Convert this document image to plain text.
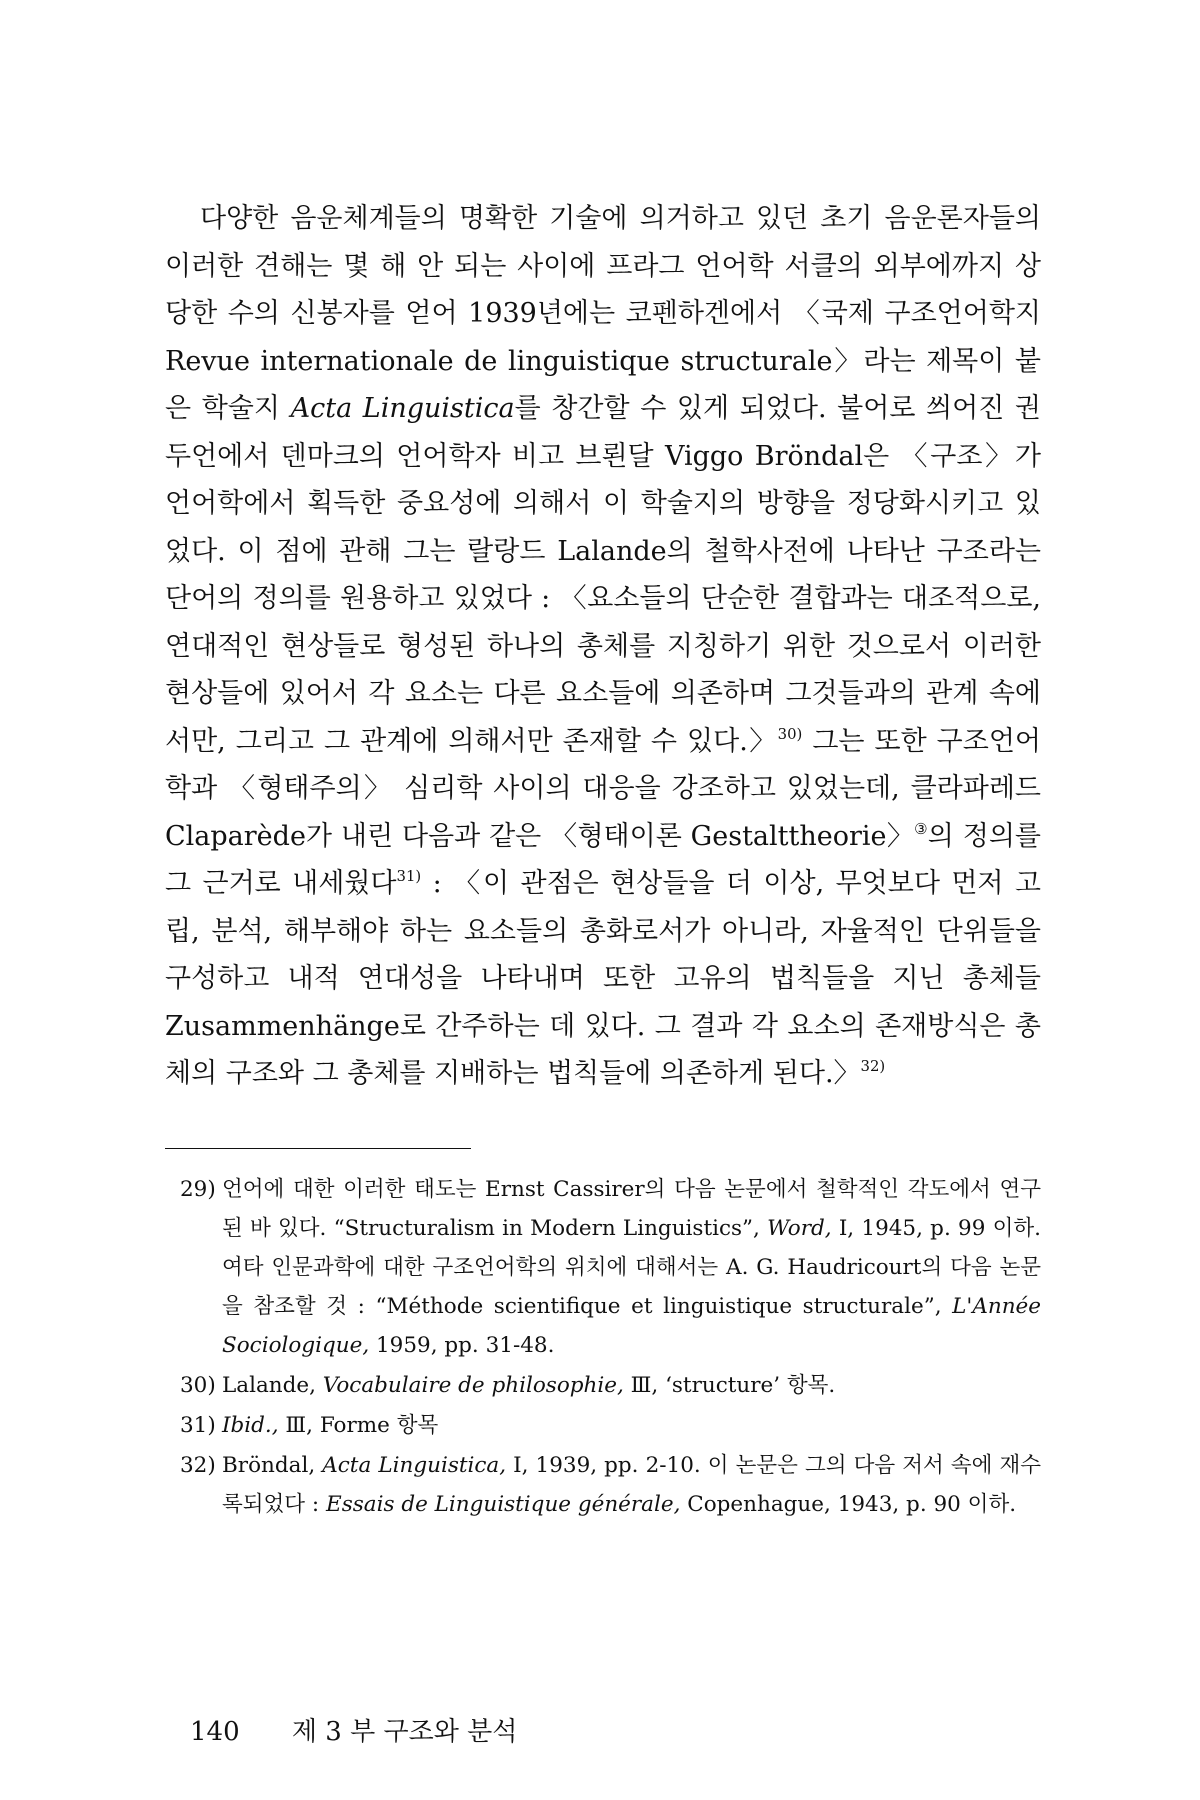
다양한 음운체계들의 명확한 기술에 의거하고 있던 초기 음운론자들의 이러한 견해는 몇 해 안 되는 사이에 프라그 언어학 서클의 외부에까지 상당한 수의 신봉자를 얻어 1939년에는 코펜하겐에서 〈국제 구조언어학지 Revue internationale de linguistique structurale〉라는 제목이 붙은 학술지 Acta Linguistica를 창간할 수 있게 되었다. 불어로 씌어진 권두언에서 덴마크의 언어학자 비고 브뢴달 Viggo Bröndal은 〈구조〉가 언어학에서 획득한 중요성에 의해서 이 학술지의 방향을 정당화시키고 있었다. 이 점에 관해 그는 랄랑드 Lalande의 철학사전에 나타난 구조라는 단어의 정의를 원용하고 있었다 : 〈요소들의 단순한 결합과는 대조적으로, 연대적인 현상들로 형성된 하나의 총체를 지칭하기 위한 것으로서 이러한 현상들에 있어서 각 요소는 다른 요소들에 의존하며 그것들과의 관계 속에서만, 그리고 그 관계에 의해서만 존재할 수 있다.〉$^{30)}$ 그는 또한 구조언어학과 〈형태주의〉 심리학 사이의 대응을 강조하고 있었는데, 클라파레드 Claparède가 내린 다음과 같은 〈형태이론 Gestalttheorie〉③의 정의를 그 근거로 내세웠다$^{31)}$ : 〈이 관점은 현상들을 더 이상, 무엇보다 먼저 고립, 분석, 해부해야 하는 요소들의 총화로서가 아니라, 자율적인 단위들을 구성하고 내적 연대성을 나타내며 또한 고유의 법칙들을 지닌 총체들 Zusammenhänge로 간주하는 데 있다. 그 결과 각 요소의 존재방식은 총체의 구조와 그 총체를 지배하는 법칙들에 의존하게 된다.〉$^{32)}$
29) 언어에 대한 이러한 태도는 Ernst Cassirer의 다음 논문에서 철학적인 각도에서 연구된 바 있다. “Structuralism in Modern Linguistics”, Word, I, 1945, p. 99 이하. 여타 인문과학에 대한 구조언어학의 위치에 대해서는 A. G. Haudricourt의 다음 논문을 참조할 것 : “Méthode scientifique et linguistique structurale”, L'Année Sociologique, 1959, pp. 31-48.
30) Lalande, Vocabulaire de philosophie, Ⅲ, ‘structure’ 항목.
31) Ibid., Ⅲ, Forme 항목
32) Bröndal, Acta Linguistica, I, 1939, pp. 2-10. 이 논문은 그의 다음 저서 속에 재수록되었다 : Essais de Linguistique générale, Copenhague, 1943, p. 90 이하.
140 제 3 부 구조와 분석
